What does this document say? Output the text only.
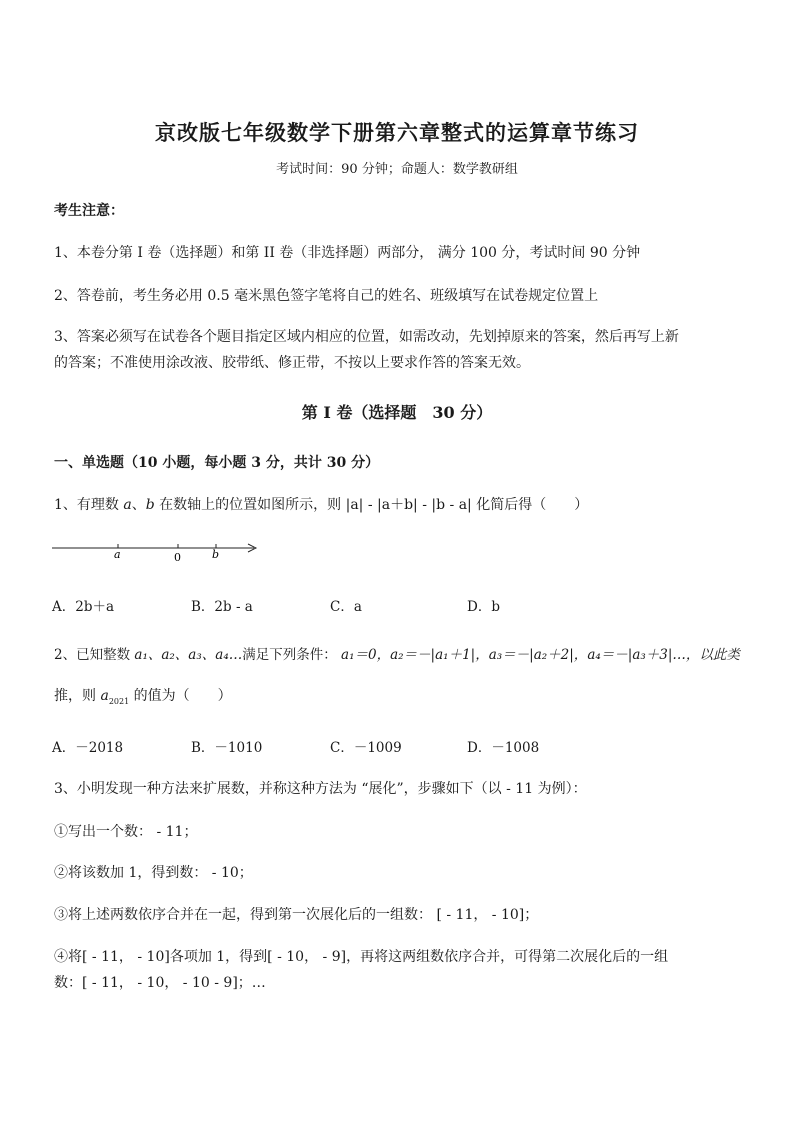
京改版七年级数学下册第六章整式的运算章节练习
考试时间：90 分钟；命题人：数学教研组
考生注意：
1、本卷分第 I 卷（选择题）和第 II 卷（非选择题）两部分， 满分 100 分，考试时间 90 分钟
2、答卷前，考生务必用 0.5 毫米黑色签字笔将自己的姓名、班级填写在试卷规定位置上
3、答案必须写在试卷各个题目指定区域内相应的位置，如需改动，先划掉原来的答案，然后再写上新
的答案；不准使用涂改液、胶带纸、修正带，不按以上要求作答的答案无效。
第 I 卷（选择题　30 分）
一、单选题（10 小题，每小题 3 分，共计 30 分）
1、有理数 a、b 在数轴上的位置如图所示，则 |a| - |a＋b| - |b - a| 化简后得（　　）
a	0	b
A．2b＋a	B．2b - a	C．a	D．b
2、已知整数 a₁、a₂、a₃、a₄…满足下列条件： a₁＝0，a₂＝－|a₁＋1|，a₃＝－|a₂＋2|，a₄＝－|a₃＋3|…，以此类
推，则 $a_{2021}$ 的值为（　　）
A．－2018	B．－1010	C．－1009	D．－1008
3、小明发现一种方法来扩展数，并称这种方法为 “展化”，步骤如下（以 - 11 为例）：
①写出一个数： - 11；
②将该数加 1，得到数： - 10；
③将上述两数依序合并在一起，得到第一次展化后的一组数： [ - 11， - 10]；
④将[ - 11， - 10]各项加 1，得到[ - 10， - 9]，再将这两组数依序合并，可得第二次展化后的一组
数：[ - 11， - 10， - 10 - 9]；…
